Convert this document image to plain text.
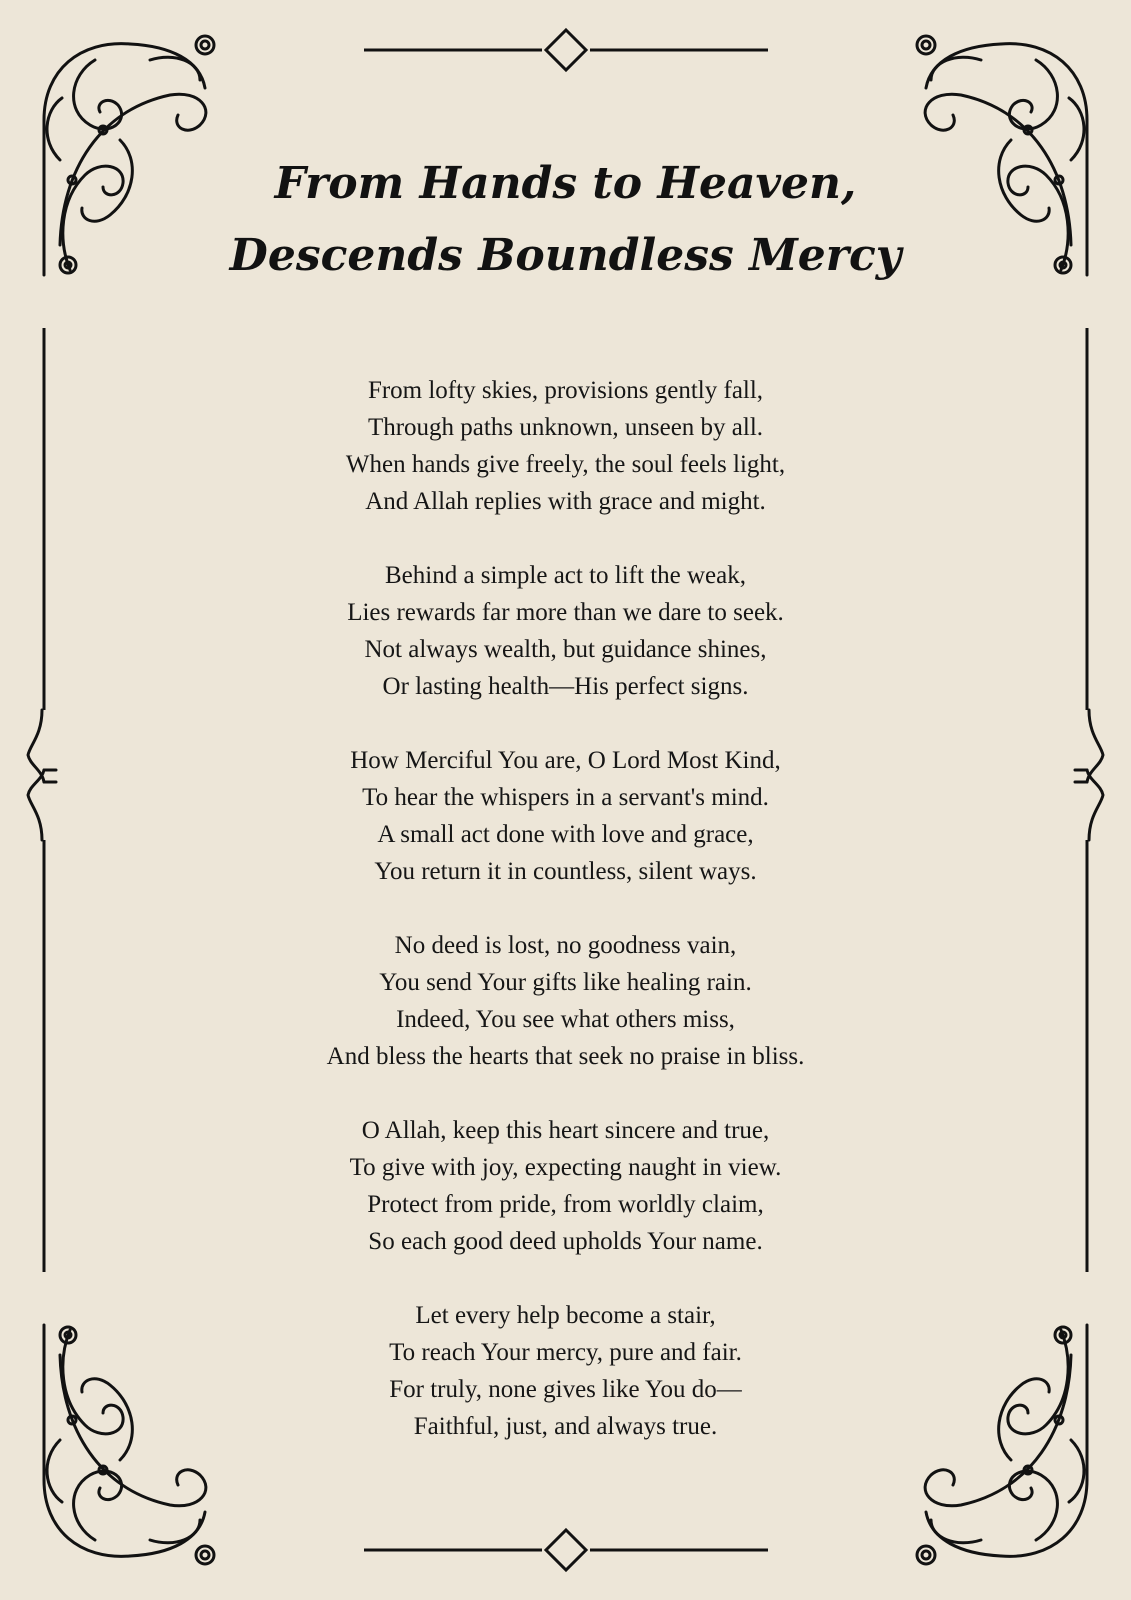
From Hands to Heaven,
Descends Boundless Mercy
From lofty skies, provisions gently fall,
Through paths unknown, unseen by all.
When hands give freely, the soul feels light,
And Allah replies with grace and might.
Behind a simple act to lift the weak,
Lies rewards far more than we dare to seek.
Not always wealth, but guidance shines,
Or lasting health—His perfect signs.
How Merciful You are, O Lord Most Kind,
To hear the whispers in a servant's mind.
A small act done with love and grace,
You return it in countless, silent ways.
No deed is lost, no goodness vain,
You send Your gifts like healing rain.
Indeed, You see what others miss,
And bless the hearts that seek no praise in bliss.
O Allah, keep this heart sincere and true,
To give with joy, expecting naught in view.
Protect from pride, from worldly claim,
So each good deed upholds Your name.
Let every help become a stair,
To reach Your mercy, pure and fair.
For truly, none gives like You do—
Faithful, just, and always true.
